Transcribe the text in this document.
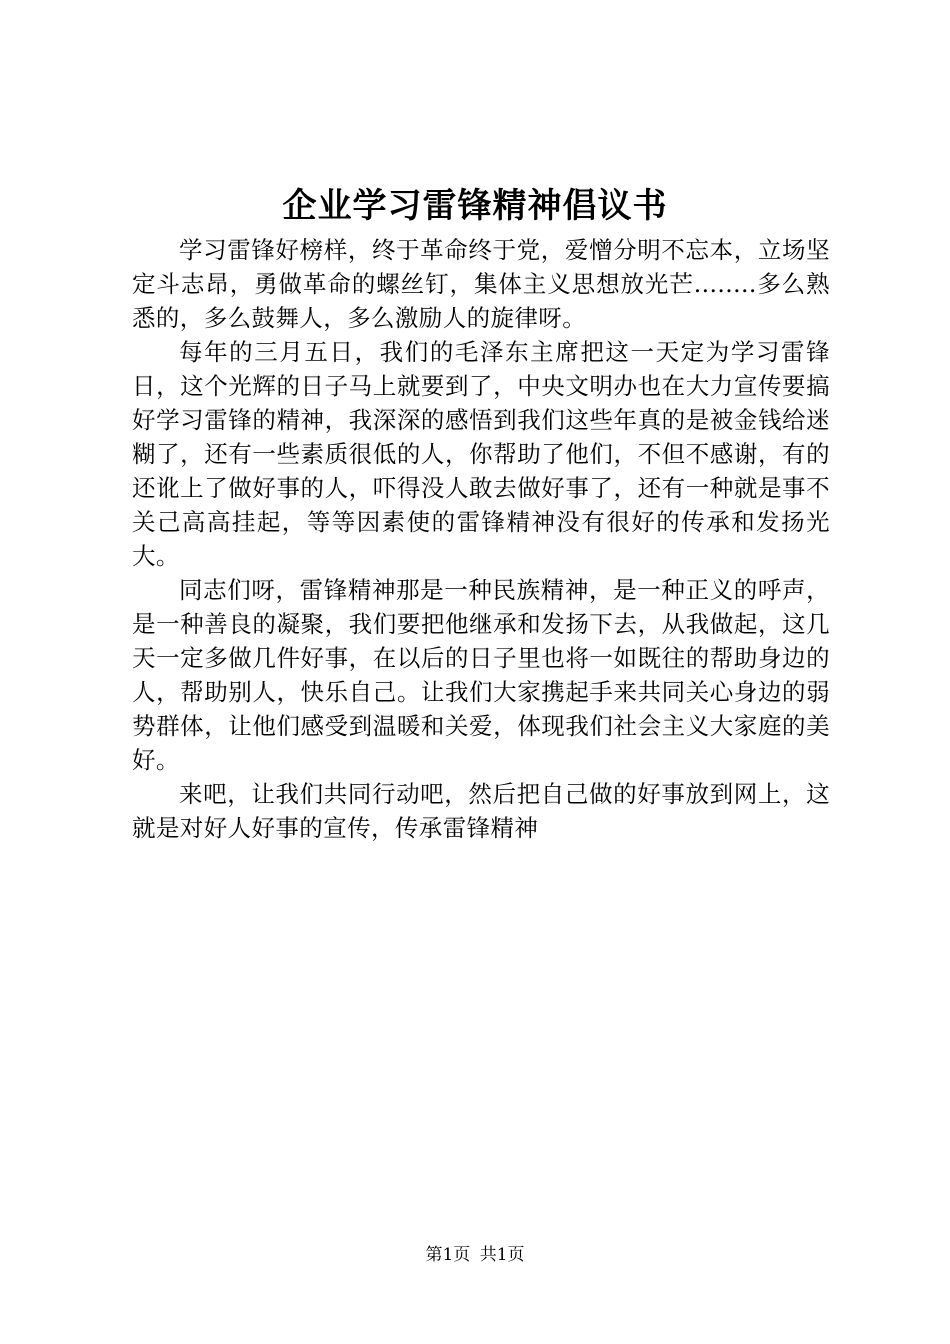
企业学习雷锋精神倡议书

学习雷锋好榜样，终于革命终于党，爱憎分明不忘本，立场坚定斗志昂，勇做革命的螺丝钉，集体主义思想放光芒........多么熟悉的，多么鼓舞人，多么激励人的旋律呀。

每年的三月五日，我们的毛泽东主席把这一天定为学习雷锋日，这个光辉的日子马上就要到了，中央文明办也在大力宣传要搞好学习雷锋的精神，我深深的感悟到我们这些年真的是被金钱给迷糊了，还有一些素质很低的人，你帮助了他们，不但不感谢，有的还讹上了做好事的人，吓得没人敢去做好事了，还有一种就是事不关己高高挂起，等等因素使的雷锋精神没有很好的传承和发扬光大。

同志们呀，雷锋精神那是一种民族精神，是一种正义的呼声，是一种善良的凝聚，我们要把他继承和发扬下去，从我做起，这几天一定多做几件好事，在以后的日子里也将一如既往的帮助身边的人，帮助别人，快乐自己。让我们大家携起手来共同关心身边的弱势群体，让他们感受到温暖和关爱，体现我们社会主义大家庭的美好。

来吧，让我们共同行动吧，然后把自己做的好事放到网上，这就是对好人好事的宣传，传承雷锋精神

第1页 共1页
